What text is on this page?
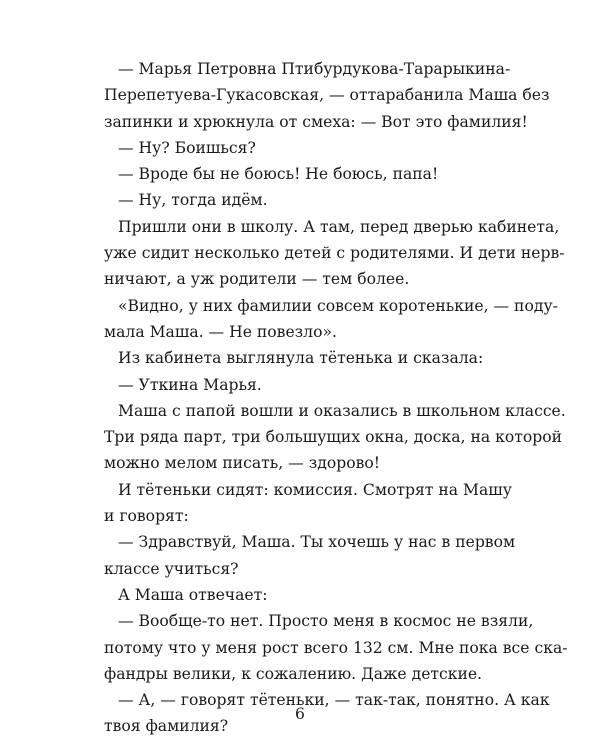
— Марья Петровна Птибурдукова-Тарарыкина-
Перепетуева-Гукасовская, — оттарабанила Маша без
запинки и хрюкнула от смеха: — Вот это фамилия!
— Ну? Боишься?
— Вроде бы не боюсь! Не боюсь, папа!
— Ну, тогда идём.
Пришли они в школу. А там, перед дверью кабинета,
уже сидит несколько детей с родителями. И дети нерв-
ничают, а уж родители — тем более.
«Видно, у них фамилии совсем коротенькие, — поду-
мала Маша. — Не повезло».
Из кабинета выглянула тётенька и сказала:
— Уткина Марья.
Маша с папой вошли и оказались в школьном классе.
Три ряда парт, три большущих окна, доска, на которой
можно мелом писать, — здорово!
И тётеньки сидят: комиссия. Смотрят на Машу
и говорят:
— Здравствуй, Маша. Ты хочешь у нас в первом
классе учиться?
А Маша отвечает:
— Вообще-то нет. Просто меня в космос не взяли,
потому что у меня рост всего 132 см. Мне пока все ска-
фандры велики, к сожалению. Даже детские.
— А, — говорят тётеньки, — так-так, понятно. А как
твоя фамилия?
6
